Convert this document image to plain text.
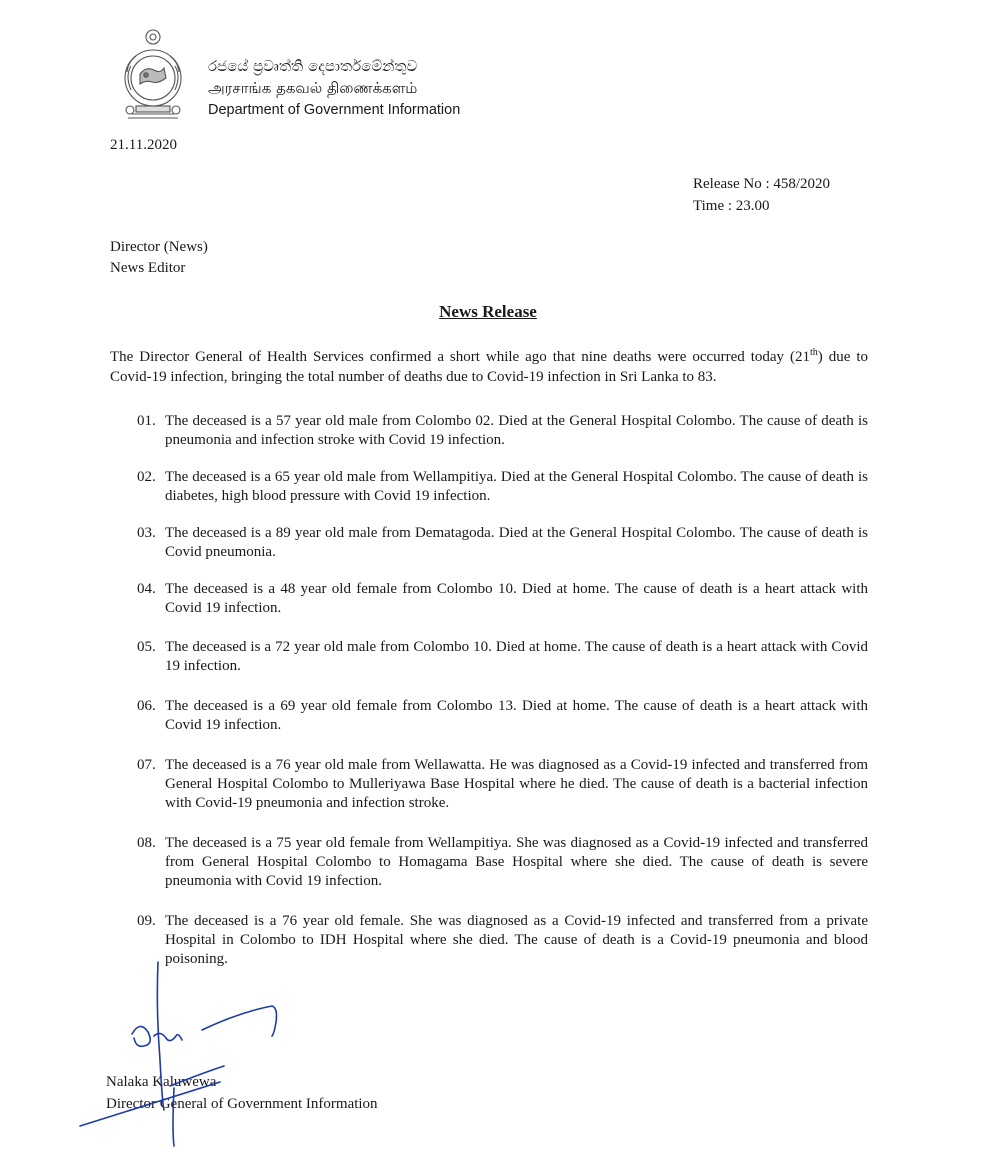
රජයේ ප්‍රවෘත්ති දෙපාර්තමේන්තුව
அரசாங்க தகவல் திணைக்களம்
Department of Government Information
21.11.2020
Release No : 458/2020
Time : 23.00
Director (News)
News Editor
News Release
The Director General of Health Services confirmed a short while ago that nine deaths were occurred today (21th) due to Covid-19 infection, bringing the total number of deaths due to Covid-19 infection in Sri Lanka to 83.
01. The deceased is a 57 year old male from Colombo 02. Died at the General Hospital Colombo. The cause of death is pneumonia and infection stroke with Covid 19 infection.
02. The deceased is a 65 year old male from Wellampitiya. Died at the General Hospital Colombo. The cause of death is diabetes, high blood pressure with Covid 19 infection.
03. The deceased is a 89 year old male from Dematagoda. Died at the General Hospital Colombo. The cause of death is Covid pneumonia.
04. The deceased is a 48 year old female from Colombo 10. Died at home. The cause of death is a heart attack with Covid 19 infection.
05. The deceased is a 72 year old male from Colombo 10. Died at home. The cause of death is a heart attack with Covid 19 infection.
06. The deceased is a 69 year old female from Colombo 13. Died at home. The cause of death is a heart attack with Covid 19 infection.
07. The deceased is a 76 year old male from Wellawatta. He was diagnosed as a Covid-19 infected and transferred from General Hospital Colombo to Mulleriyawa Base Hospital where he died. The cause of death is a bacterial infection with Covid-19 pneumonia and infection stroke.
08. The deceased is a 75 year old female from Wellampitiya. She was diagnosed as a Covid-19 infected and transferred from General Hospital Colombo to Homagama Base Hospital where she died. The cause of death is severe pneumonia with Covid 19 infection.
09. The deceased is a 76 year old female. She was diagnosed as a Covid-19 infected and transferred from a private Hospital in Colombo to IDH Hospital where she died. The cause of death is a Covid-19 pneumonia and blood poisoning.
Nalaka Kaluwewa
Director General of Government Information
